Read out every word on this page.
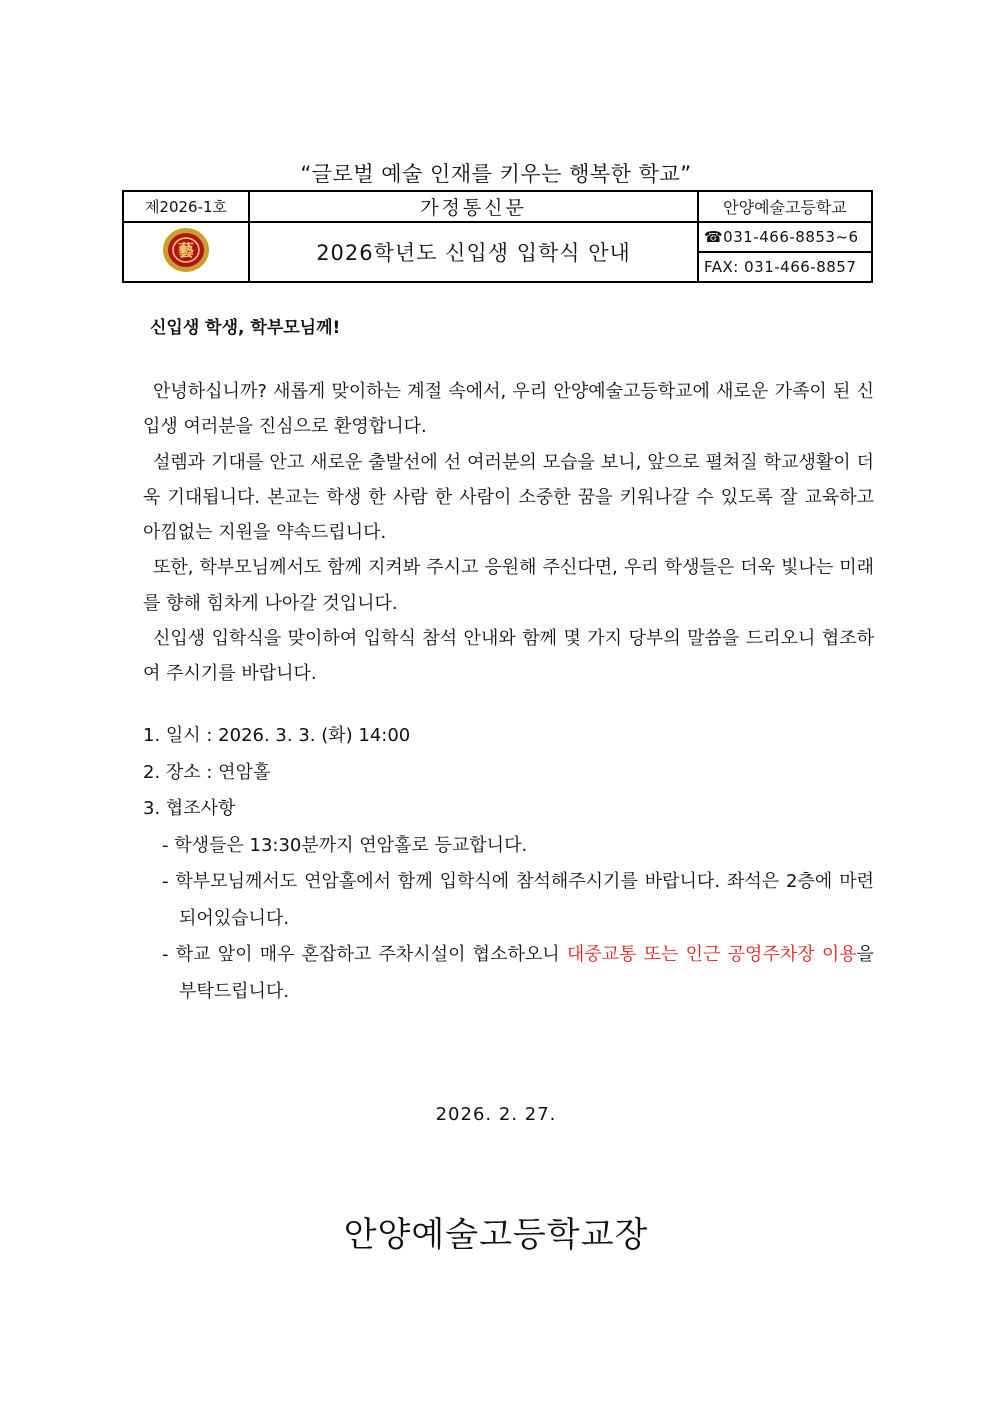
“글로벌 예술 인재를 키우는 행복한 학교”
제2026-1호	가정통신문	안양예술고등학교

藝	2026학년도 신입생 입학식 안내	☎031-466-8853~6
		FAX: 031-466-8857
신입생 학생, 학부모님께!

안녕하십니까? 새롭게 맞이하는 계절 속에서, 우리 안양예술고등학교에 새로운 가족이 된 신입생 여러분을 진심으로 환영합니다.

설렘과 기대를 안고 새로운 출발선에 선 여러분의 모습을 보니, 앞으로 펼쳐질 학교생활이 더욱 기대됩니다. 본교는 학생 한 사람 한 사람이 소중한 꿈을 키워나갈 수 있도록 잘 교육하고 아낌없는 지원을 약속드립니다.

또한, 학부모님께서도 함께 지켜봐 주시고 응원해 주신다면, 우리 학생들은 더욱 빛나는 미래를 향해 힘차게 나아갈 것입니다.

신입생 입학식을 맞이하여 입학식 참석 안내와 함께 몇 가지 당부의 말씀을 드리오니 협조하여 주시기를 바랍니다.

1. 일시 : 2026. 3. 3. (화) 14:00
2. 장소 : 연암홀
3. 협조사항
- 학생들은 13:30분까지 연암홀로 등교합니다.
- 학부모님께서도 연암홀에서 함께 입학식에 참석해주시기를 바랍니다. 좌석은 2층에 마련되어있습니다.
- 학교 앞이 매우 혼잡하고 주차시설이 협소하오니 대중교통 또는 인근 공영주차장 이용을 부탁드립니다.
2026. 2. 27.
안양예술고등학교장
